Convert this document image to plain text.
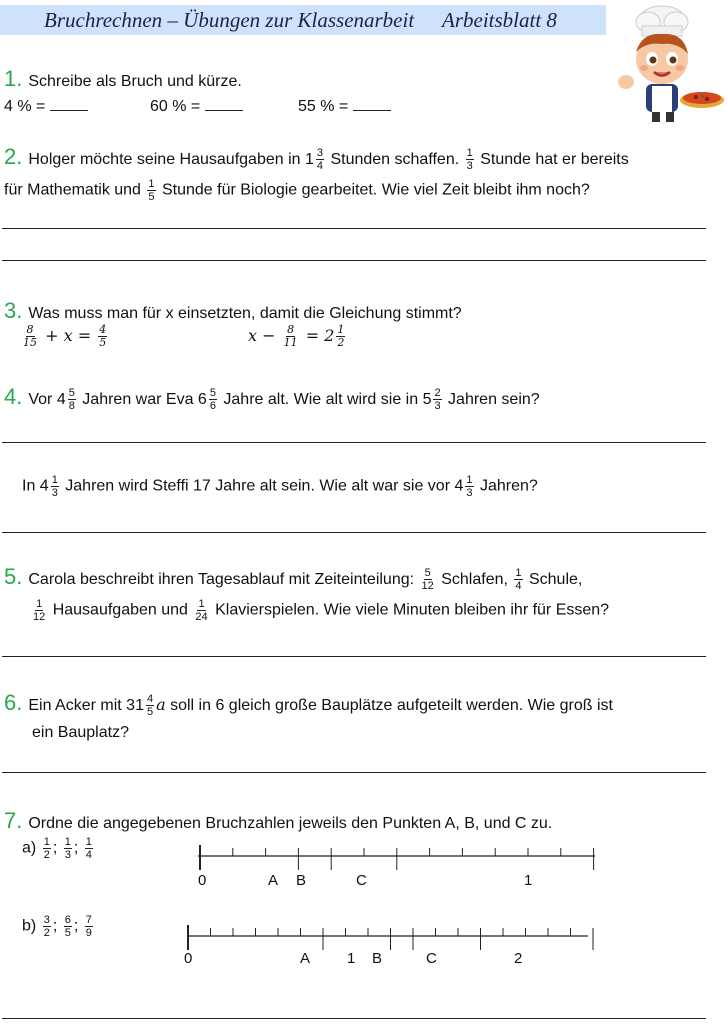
Bruchrechnen – Übungen zur Klassenarbeit Arbeitsblatt 8
1. Schreibe als Bruch und kürze.
4 % =	60 % =	55 % =
2. Holger möchte seine Hausaufgaben in $1 \frac{3}{4}$ Stunden schaffen. $\frac{1}{3}$ Stunde hat er bereits
für Mathematik und $\frac{1}{5}$ Stunde für Biologie gearbeitet. Wie viel Zeit bleibt ihm noch?
3. Was muss man für x einsetzten, damit die Gleichung stimmt?
$\frac{8}{15} + x = \frac{4}{5}$	$x - \frac{8}{11} = 2 \frac{1}{2}$
4. Vor $4 \frac{5}{8}$ Jahren war Eva $6 \frac{5}{6}$ Jahre alt. Wie alt wird sie in $5 \frac{2}{3}$ Jahren sein?
In $4 \frac{1}{3}$ Jahren wird Steffi 17 Jahre alt sein. Wie alt war sie vor $4 \frac{1}{3}$ Jahren?
5. Carola beschreibt ihren Tagesablauf mit Zeiteinteilung: $\frac{5}{12}$ Schlafen, $\frac{1}{4}$ Schule,
$\frac{1}{12}$ Hausaufgaben und $\frac{1}{24}$ Klavierspielen. Wie viele Minuten bleiben ihr für Essen?
6. Ein Acker mit $31 \frac{4}{5}$ a soll in 6 gleich große Bauplätze aufgeteilt werden. Wie groß ist
ein Bauplatz?
7. Ordne die angegebenen Bruchzahlen jeweils den Punkten A, B, und C zu.
$a) \frac{1}{2}$ ; $\frac{1}{3}$ ; $\frac{1}{4}$
0	A B	C	1
$b) \frac{3}{2}$ ; $\frac{6}{5}$ ; $\frac{7}{9}$
0	A 1 B	C	2
